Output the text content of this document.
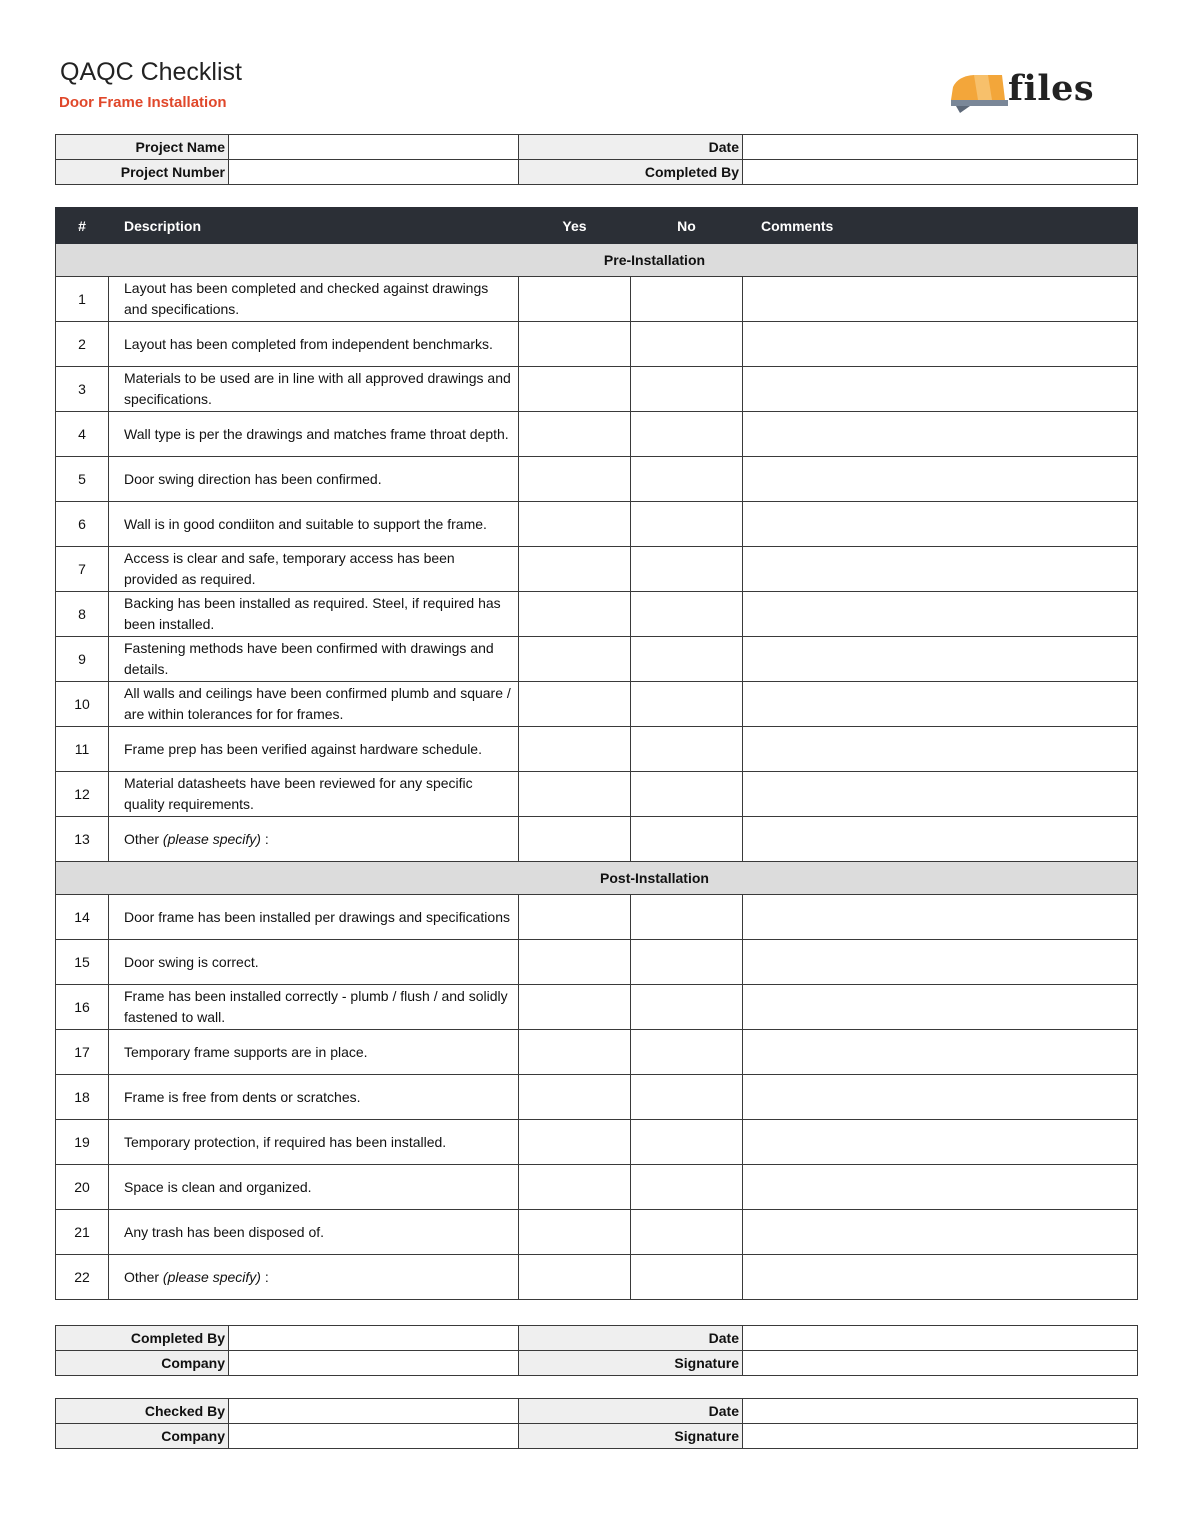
QAQC Checklist
Door Frame Installation	files
Project Name		Date	
Project Number		Completed By	
#	Description	Yes	No	Comments
Pre-Installation				
1	Layout has been completed and checked against drawings and specifications.			
2	Layout has been completed from independent benchmarks.			
3	Materials to be used are in line with all approved drawings and specifications.			
4	Wall type is per the drawings and matches frame throat depth.			
5	Door swing direction has been confirmed.			
6	Wall is in good condiiton and suitable to support the frame.			
7	Access is clear and safe, temporary access has been provided as required.			
8	Backing has been installed as required. Steel, if required has been installed.			
9	Fastening methods have been confirmed with drawings and details.			
10	All walls and ceilings have been confirmed plumb and square / are within tolerances for for frames.			
11	Frame prep has been verified against hardware schedule.			
12	Material datasheets have been reviewed for any specific quality requirements.			
13	Other (please specify) :			
Post-Installation				
14	Door frame has been installed per drawings and specifications			
15	Door swing is correct.			
16	Frame has been installed correctly - plumb / flush / and solidly fastened to wall.			
17	Temporary frame supports are in place.			
18	Frame is free from dents or scratches.			
19	Temporary protection, if required has been installed.			
20	Space is clean and organized.			
21	Any trash has been disposed of.			
22	Other (please specify) :			
Completed By		Date	
Company		Signature	
Checked By		Date	
Company		Signature	
